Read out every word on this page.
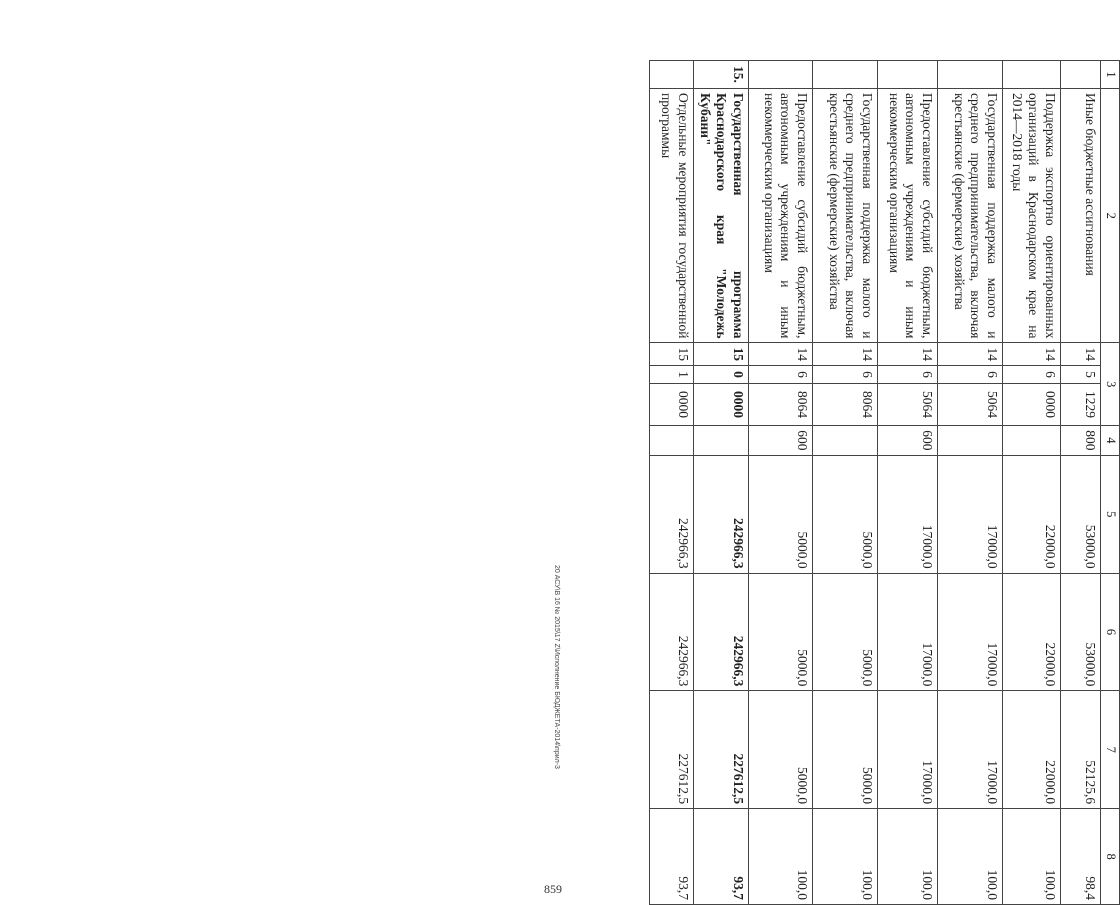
1	2	3			4	5	6	7	8
	Иные бюджетные ассигнования	14	5	1229	800	53000,0	53000,0	52125,6	98,4
	Поддержка экспортно ориентированных организаций в Краснодарском крае на 2014—2018 годы	14	6	0000		22000,0	22000,0	22000,0	100,0
	Государственная поддержка малого и среднего предпринимательства, включая крестьянские (фермерские) хозяйства	14	6	5064		17000,0	17000,0	17000,0	100,0
	Предоставление субсидий бюджетным, автономным учреждениям и иным некоммерческим организациям	14	6	5064	600	17000,0	17000,0	17000,0	100,0
	Государственная поддержка малого и среднего предпринимательства, включая крестьянские (фермерские) хозяйства	14	6	8064		5000,0	5000,0	5000,0	100,0
	Предоставление субсидий бюджетным, автономным учреждениям и иным некоммерческим организациям	14	6	8064	600	5000,0	5000,0	5000,0	100,0
15.	Государственная программа Краснодарского края "Молодежь Кубани"	15	0	0000		242966,3	242966,3	227612,5	93,7
	Отдельные мероприятия государственной программы	15	1	0000		242966,3	242966,3	227612,5	93,7
20 АСУ\В 16 № 2015\17 Z\Исполнение БЮДЖЕТА-2014\прил-3
859
